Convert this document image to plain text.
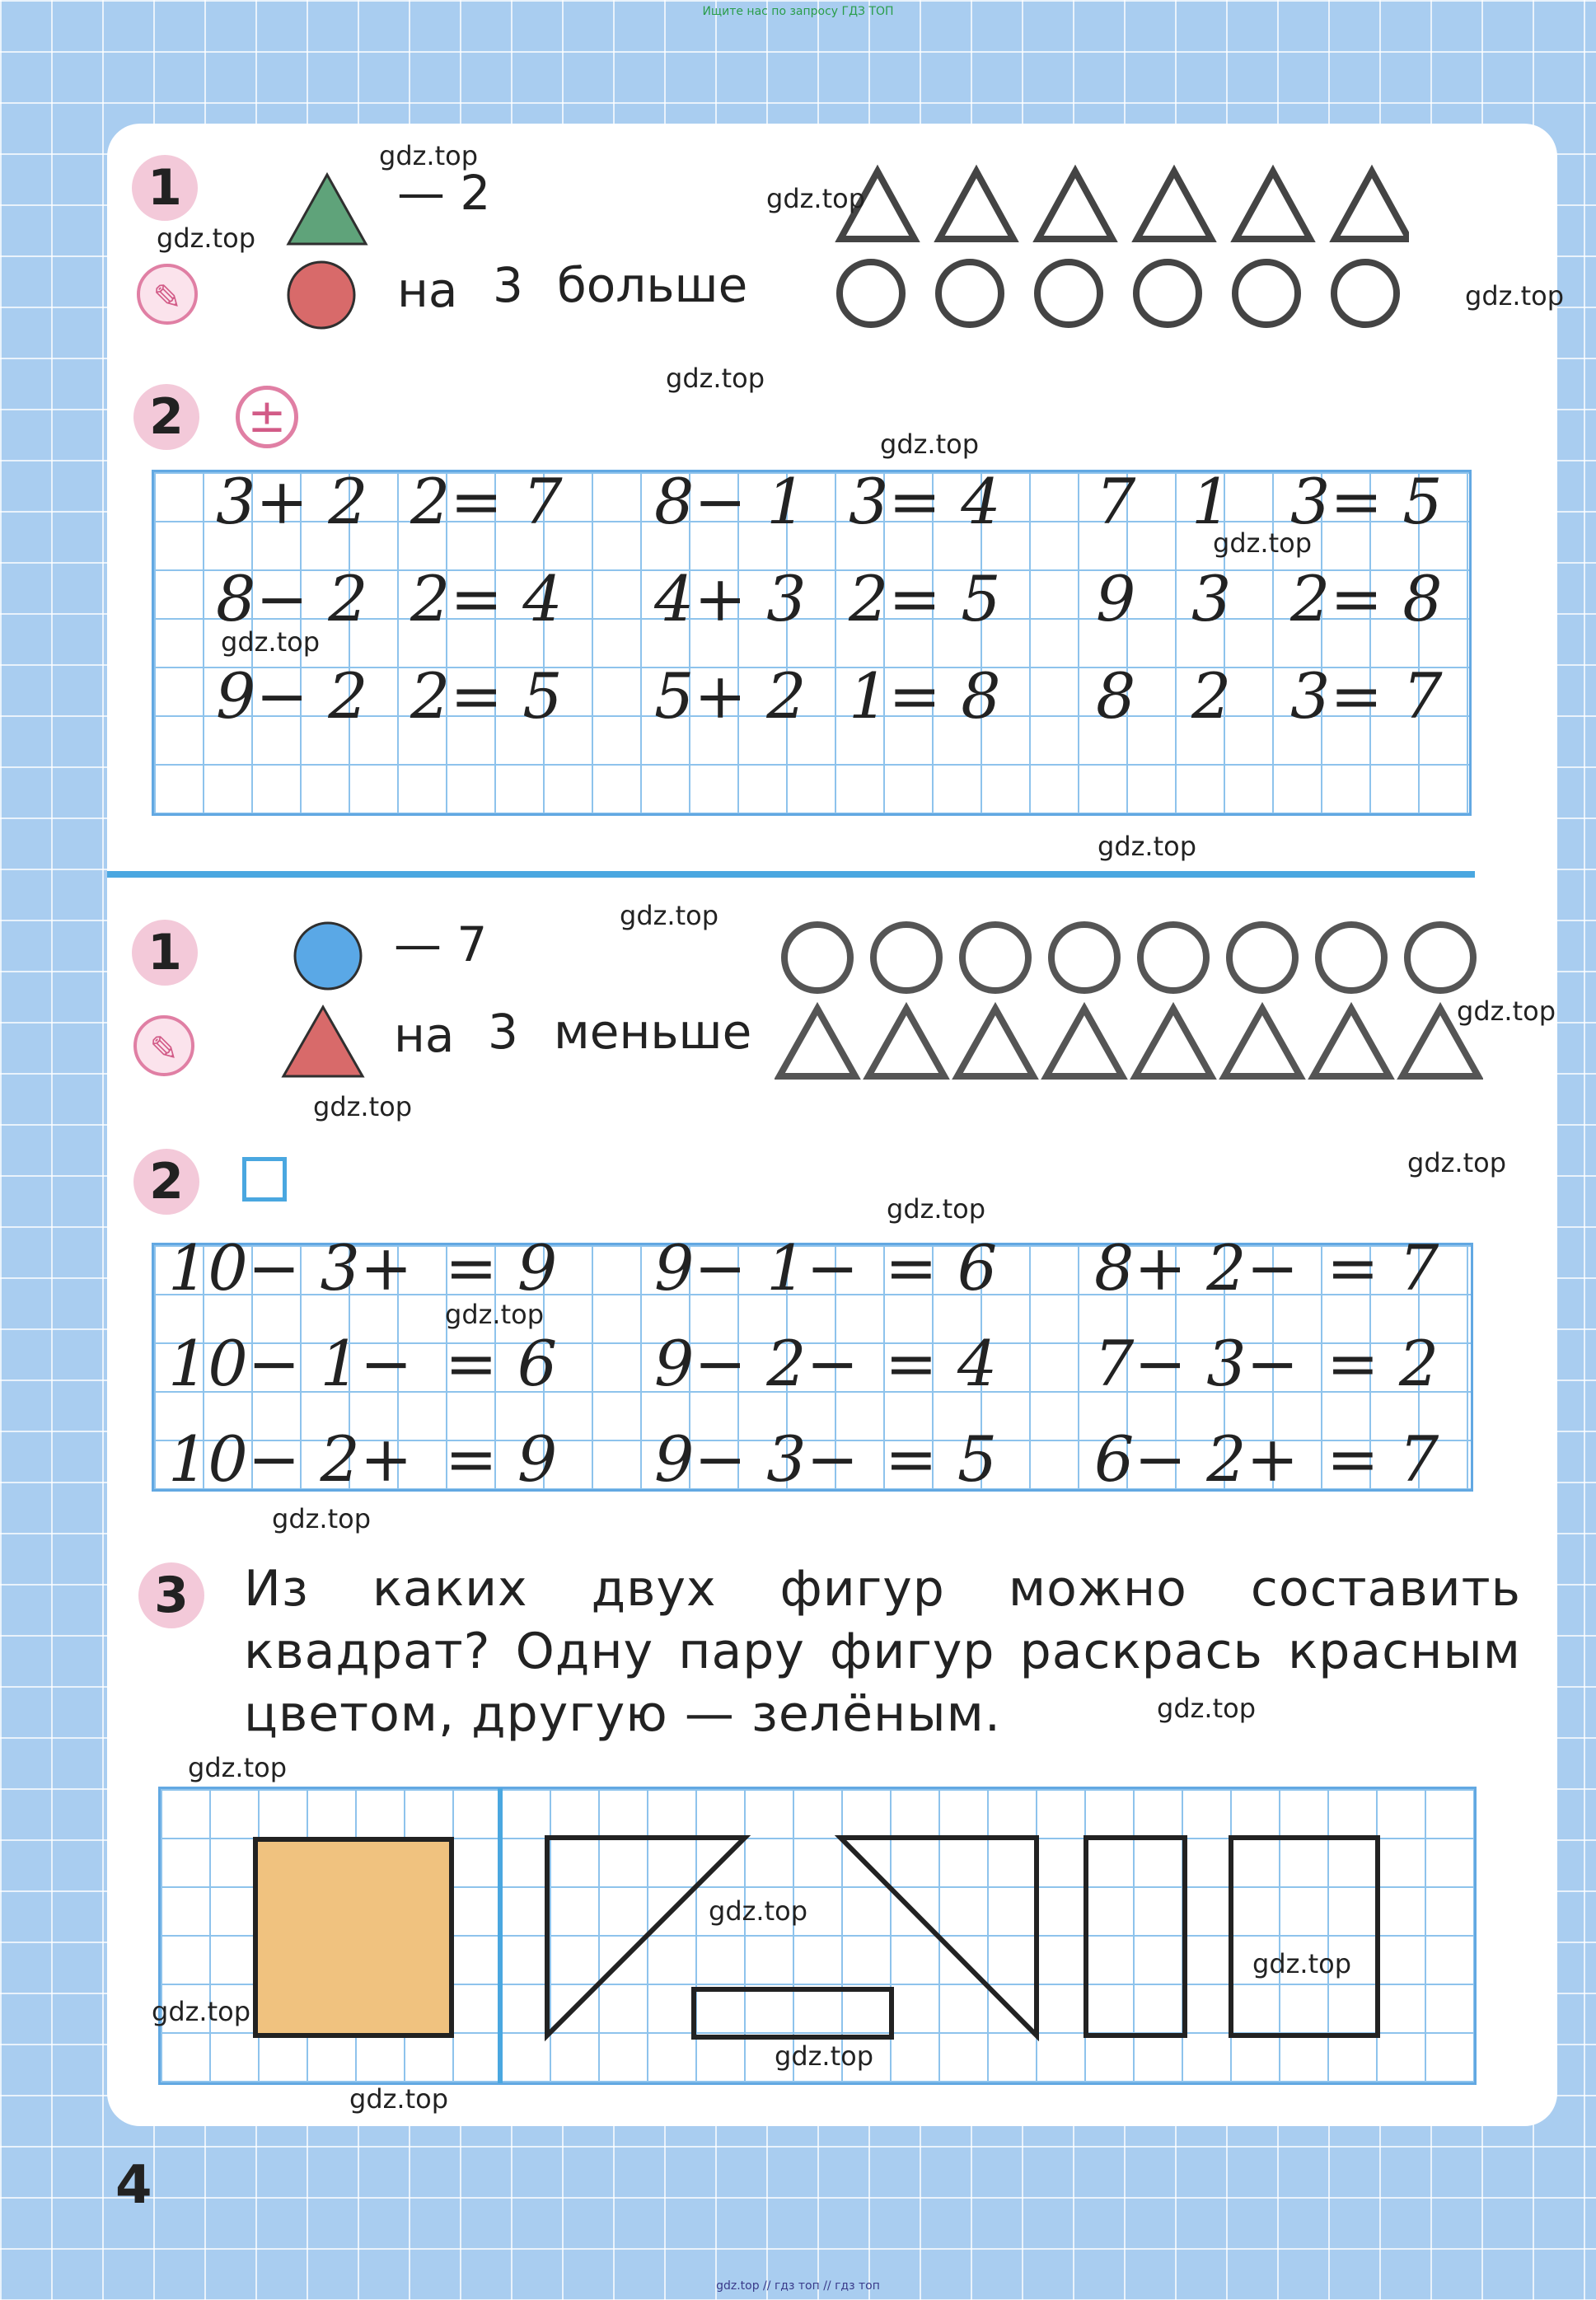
Ищите нас по запросу ГДЗ ТОП
1
✎
— 2
на 3 больше
2	±
3+ 2 2= 7 8− 1 3= 4 7 1 3= 5
8− 2 2= 4 4+ 3 2= 5 9 3 2= 8
9− 2 2= 5 5+ 2 1= 8 8 2 3= 7
1
✎
— 7
на 3 меньше
2
10− 3+ = 9 9− 1− = 6 8+ 2− = 7
10− 1− = 6 9− 2− = 4 7− 3− = 2
10− 2+ = 9 9− 3− = 5 6− 2+ = 7
3	Из каких двух фигур можно составить квадрат? Одну пару фигур раскрась красным цветом, другую — зелёным.
4
gdz.top
gdz.top
gdz.top
gdz.top
gdz.top
gdz.top
gdz.top
gdz.top
gdz.top
gdz.top
gdz.top
gdz.top
gdz.top
gdz.top
gdz.top
gdz.top
gdz.top
gdz.top
gdz.top
gdz.top
gdz.top
gdz.top
gdz.top
gdz.top // гдз топ // гдз топ
